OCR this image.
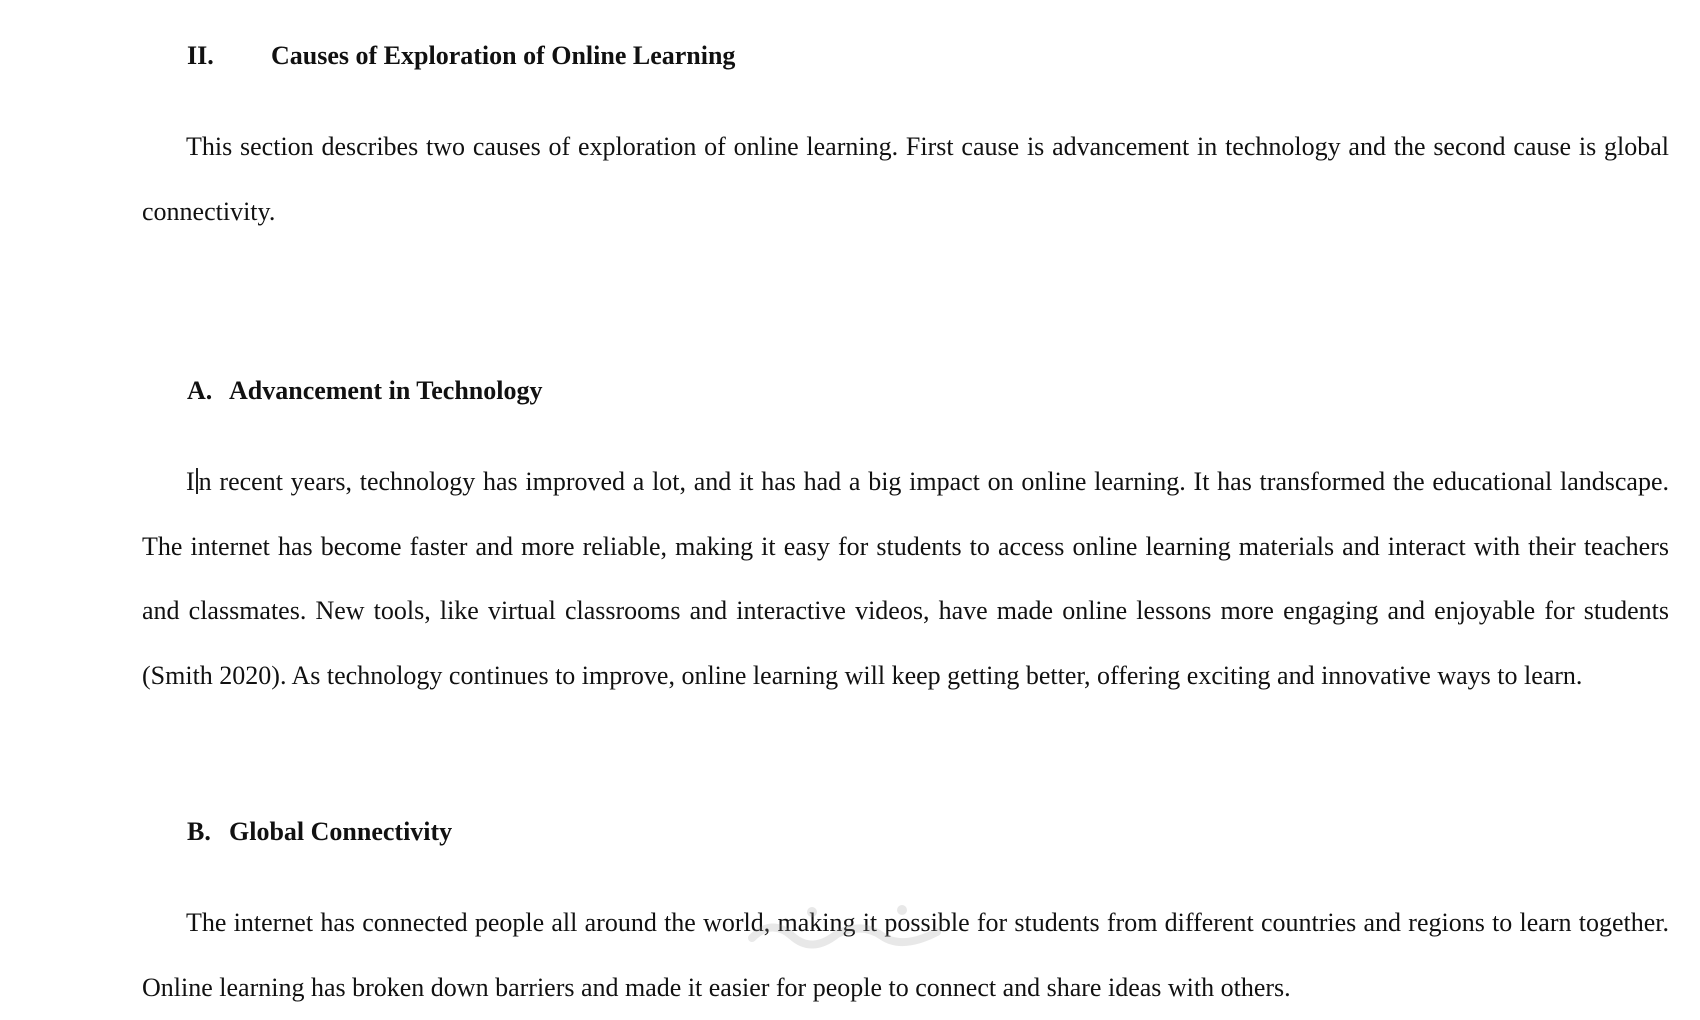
II. Causes of Exploration of Online Learning

This section describes two causes of exploration of online learning. First cause is advancement in technology and the second cause is global connectivity.

A. Advancement in Technology

I n recent years, technology has improved a lot, and it has had a big impact on online learning. It has transformed the educational landscape. The internet has become faster and more reliable, making it easy for students to access online learning materials and interact with their teachers and classmates. New tools, like virtual classrooms and interactive videos, have made online lessons more engaging and enjoyable for students (Smith 2020). As technology continues to improve, online learning will keep getting better, offering exciting and innovative ways to learn.

B. Global Connectivity

The internet has connected people all around the world, making it possible for students from different countries and regions to learn together. Online learning has broken down barriers and made it easier for people to connect and share ideas with others.
